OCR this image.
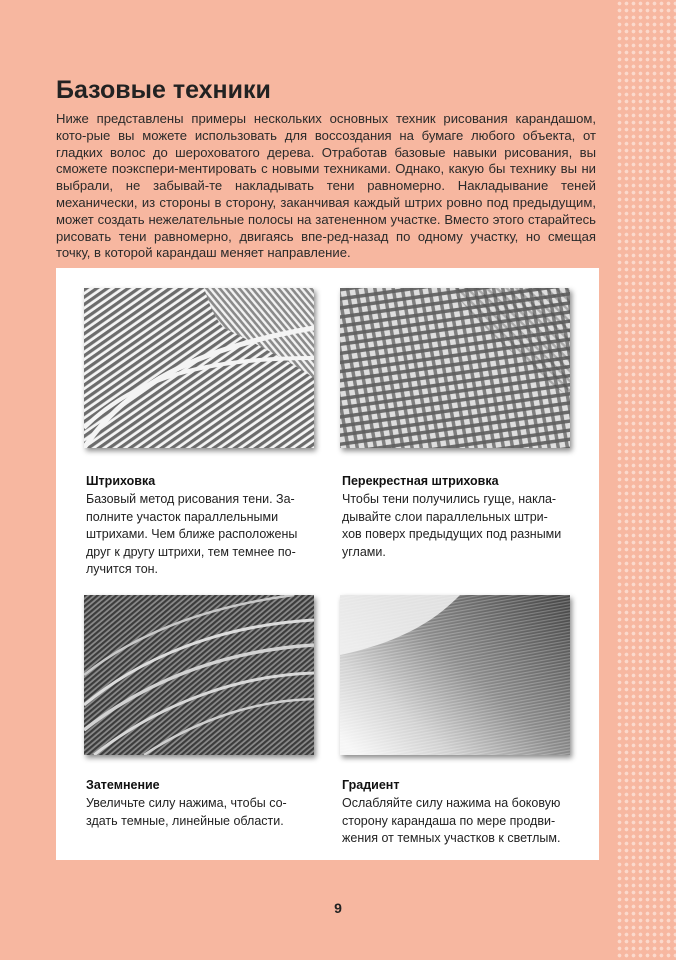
Базовые техники

Ниже представлены примеры нескольких основных техник рисования карандашом, кото-рые вы можете использовать для воссоздания на бумаге любого объекта, от гладких волос до шероховатого дерева. Отработав базовые навыки рисования, вы сможете поэкспери-ментировать с новыми техниками. Однако, какую бы технику вы ни выбрали, не забывай-те накладывать тени равномерно. Накладывание теней механически, из стороны в сторону, заканчивая каждый штрих ровно под предыдущим, может создать нежелательные полосы на затененном участке. Вместо этого старайтесь рисовать тени равномерно, двигаясь впе-ред-назад по одному участку, но смещая точку, в которой карандаш меняет направление.

Штриховка

Базовый метод рисования тени. За-полните участок параллельными штрихами. Чем ближе расположены друг к другу штрихи, тем темнее по-лучится тон.

Перекрестная штриховка

Чтобы тени получились гуще, накла-дывайте слои параллельных штри-хов поверх предыдущих под разными углами.

Затемнение

Увеличьте силу нажима, чтобы со-здать темные, линейные области.

Градиент

Ослабляйте силу нажима на боковую сторону карандаша по мере продви-жения от темных участков к светлым.

9
